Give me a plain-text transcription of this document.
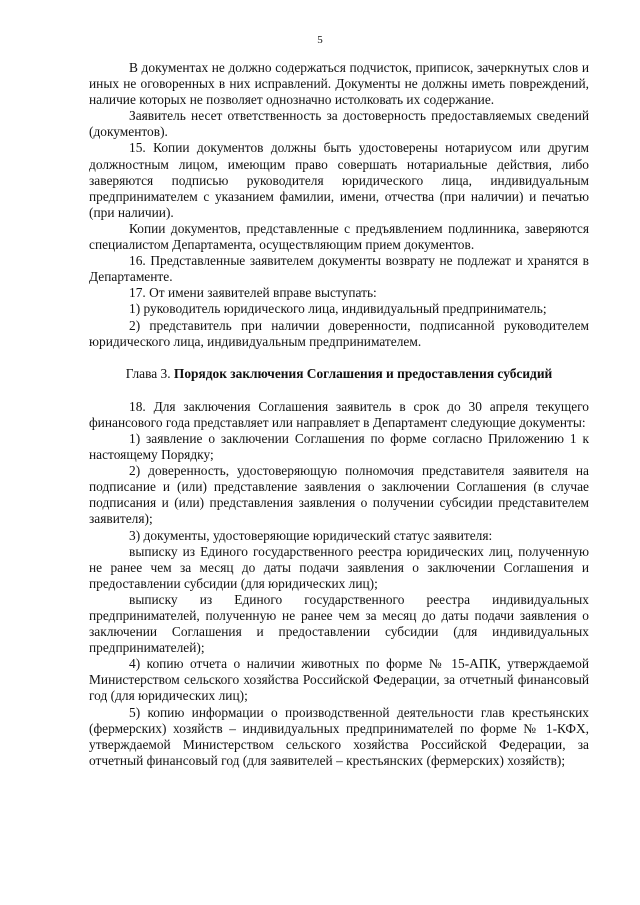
5

В документах не должно содержаться подчисток, приписок, зачеркнутых слов и иных не оговоренных в них исправлений. Документы не должны иметь повреждений, наличие которых не позволяет однозначно истолковать их содержание.

Заявитель несет ответственность за достоверность предоставляемых сведений (документов).

15. Копии документов должны быть удостоверены нотариусом или другим должностным лицом, имеющим право совершать нотариальные действия, либо заверяются подписью руководителя юридического лица, индивидуальным предпринимателем с указанием фамилии, имени, отчества (при наличии) и печатью (при наличии).

Копии документов, представленные с предъявлением подлинника, заверяются специалистом Департамента, осуществляющим прием документов.

16. Представленные заявителем документы возврату не подлежат и хранятся в Департаменте.

17. От имени заявителей вправе выступать:

1) руководитель юридического лица, индивидуальный предприниматель;

2) представитель при наличии доверенности, подписанной руководителем юридического лица, индивидуальным предпринимателем.

Глава 3. Порядок заключения Соглашения и предоставления субсидий

18. Для заключения Соглашения заявитель в срок до 30 апреля текущего финансового года представляет или направляет в Департамент следующие документы:

1) заявление о заключении Соглашения по форме согласно Приложению 1 к настоящему Порядку;

2) доверенность, удостоверяющую полномочия представителя заявителя на подписание и (или) представление заявления о заключении Соглашения (в случае подписания и (или) представления заявления о получении субсидии представителем заявителя);

3) документы, удостоверяющие юридический статус заявителя:

выписку из Единого государственного реестра юридических лиц, полученную не ранее чем за месяц до даты подачи заявления о заключении Соглашения и предоставлении субсидии (для юридических лиц);

выписку из Единого государственного реестра индивидуальных предпринимателей, полученную не ранее чем за месяц до даты подачи заявления о заключении Соглашения и предоставлении субсидии (для индивидуальных предпринимателей);

4) копию отчета о наличии животных по форме № 15-АПК, утверждаемой Министерством сельского хозяйства Российской Федерации, за отчетный финансовый год (для юридических лиц);

5) копию информации о производственной деятельности глав крестьянских (фермерских) хозяйств – индивидуальных предпринимателей по форме № 1-КФХ, утверждаемой Министерством сельского хозяйства Российской Федерации, за отчетный финансовый год (для заявителей – крестьянских (фермерских) хозяйств);
